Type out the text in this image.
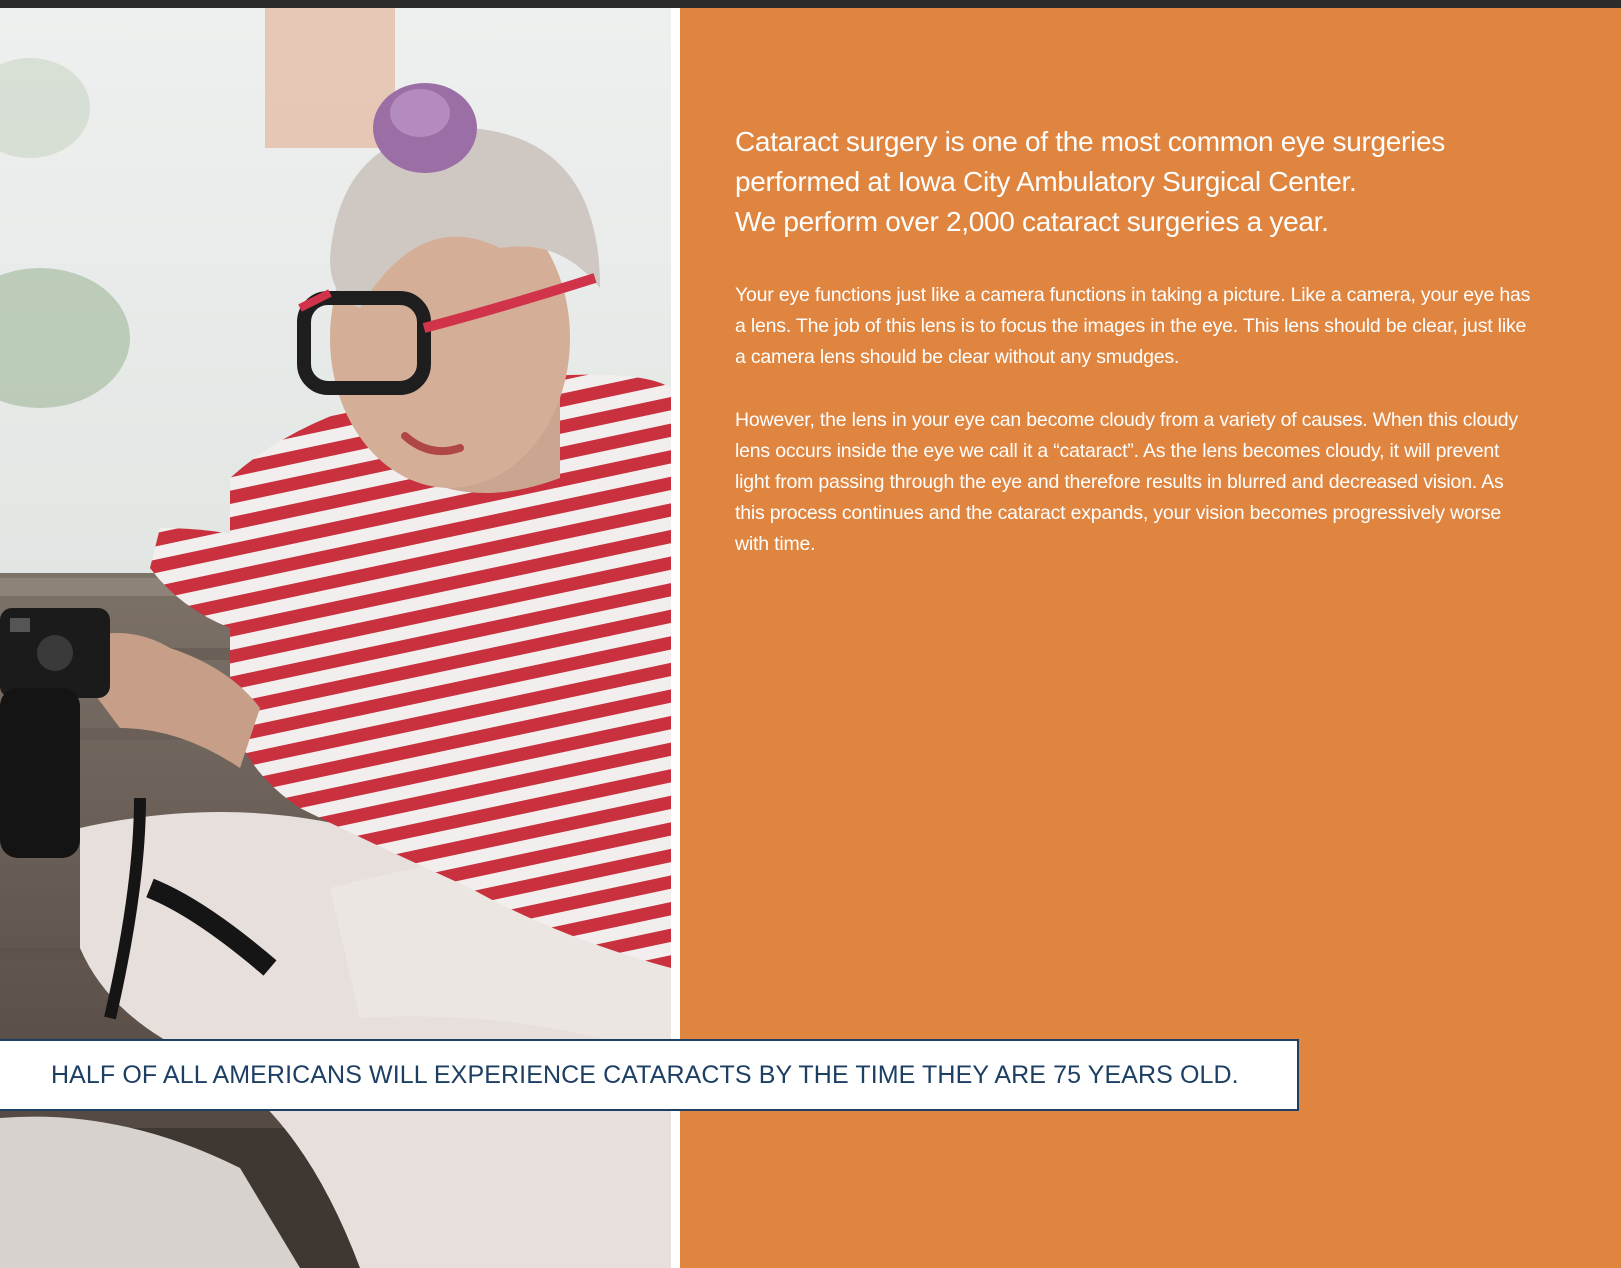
Cataract surgery is one of the most common eye surgeries
performed at Iowa City Ambulatory Surgical Center.
We perform over 2,000 cataract surgeries a year.

Your eye functions just like a camera functions in taking a picture. Like a camera, your eye has a lens. The job of this lens is to focus the images in the eye. This lens should be clear, just like a camera lens should be clear without any smudges.

However, the lens in your eye can become cloudy from a variety of causes. When this cloudy lens occurs inside the eye we call it a “cataract”. As the lens becomes cloudy, it will prevent light from passing through the eye and therefore results in blurred and decreased vision. As this process continues and the cataract expands, your vision becomes progressively worse with time.

HALF OF ALL AMERICANS WILL EXPERIENCE CATARACTS BY THE TIME THEY ARE 75 YEARS OLD.
